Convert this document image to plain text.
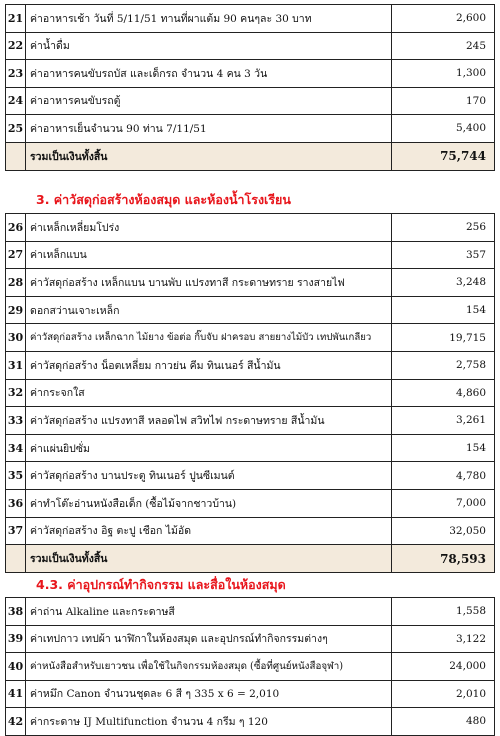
21	ค่าอาหารเช้า วันที่ 5/11/51 ทานที่ผาแต้ม 90 คนๆละ 30 บาท	2,600
22	ค่าน้ำดื่ม	245
23	ค่าอาหารคนขับรถบัส และเด็กรถ จำนวน 4 คน 3 วัน	1,300
24	ค่าอาหารคนขับรถตู้	170
25	ค่าอาหารเย็นจำนวน 90 ท่าน 7/11/51	5,400
	รวมเป็นเงินทั้งสิ้น	75,744
3. ค่าวัสดุก่อสร้างห้องสมุด และห้องน้ำโรงเรียน
26	ค่าเหล็กเหลี่ยมโปร่ง	256
27	ค่าเหล็กแบน	357
28	ค่าวัสดุก่อสร้าง เหล็กแบน บานพับ แปรงทาสี กระดาษทราย รางสายไฟ	3,248
29	ดอกสว่านเจาะเหล็ก	154
30	ค่าวัสดุก่อสร้าง เหล็กฉาก ไม้ยาง ข้อต่อ กิ๊บจับ ฝาครอบ สายยางไม้บัว เทปพันเกลียว	19,715
31	ค่าวัสดุก่อสร้าง น็อตเหลี่ยม กาวย่น คีม ทินเนอร์ สีน้ำมัน	2,758
32	ค่ากระจกใส	4,860
33	ค่าวัสดุก่อสร้าง แปรงทาสี หลอดไฟ สวิทไฟ กระดาษทราย สีน้ำมัน	3,261
34	ค่าแผ่นยิปซั่ม	154
35	ค่าวัสดุก่อสร้าง บานประตู ทินเนอร์ ปูนซีเมนต์	4,780
36	ค่าทำโต๊ะอ่านหนังสือเด็ก (ซื้อไม้จากชาวบ้าน)	7,000
37	ค่าวัสดุก่อสร้าง อิฐ ตะปู เชือก ไม้อัด	32,050
	รวมเป็นเงินทั้งสิ้น	78,593
4.3. ค่าอุปกรณ์ทำกิจกรรม และสื่อในห้องสมุด
38	ค่าถ่าน Alkaline และกระดาษสี	1,558
39	ค่าเทปกาว เทปผ้า นาฬิกาในห้องสมุด และอุปกรณ์ทำกิจกรรมต่างๆ	3,122
40	ค่าหนังสือสำหรับเยาวชน เพื่อใช้ในกิจกรรมห้องสมุด (ซื้อที่ศูนย์หนังสือจุฬา)	24,000
41	ค่าหมึก Canon จำนวนชุดละ 6 สี ๆ 335 x 6 = 2,010	2,010
42	ค่ากระดาษ IJ Multifunction จำนวน 4 กรีม ๆ 120	480
